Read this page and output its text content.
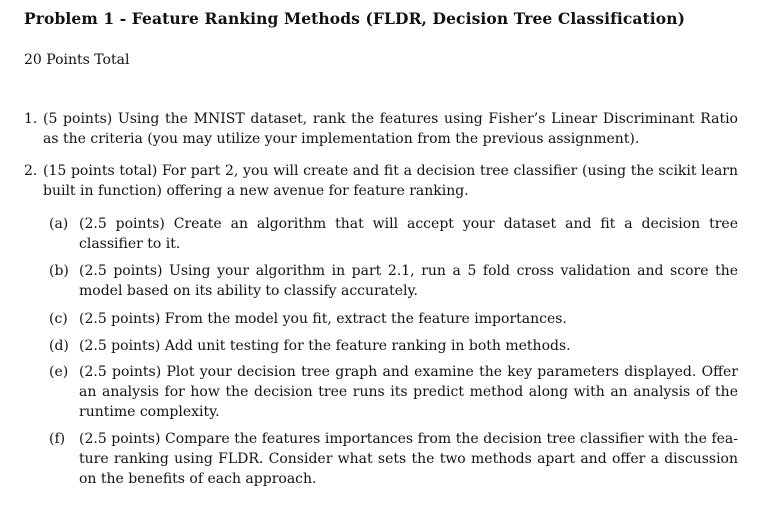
Problem 1 - Feature Ranking Methods (FLDR, Decision Tree Classification)
20 Points Total
1. (5 points) Using the MNIST dataset, rank the features using Fisher’s Linear Discriminant Ratio as the criteria (you may utilize your implementation from the previous assignment).
2. (15 points total) For part 2, you will create and fit a decision tree classifier (using the scikit learn built in function) offering a new avenue for feature ranking.
(a) (2.5 points) Create an algorithm that will accept your dataset and fit a decision tree classifier to it.
(b) (2.5 points) Using your algorithm in part 2.1, run a 5 fold cross validation and score the model based on its ability to classify accurately.
(c) (2.5 points) From the model you fit, extract the feature importances.
(d) (2.5 points) Add unit testing for the feature ranking in both methods.
(e) (2.5 points) Plot your decision tree graph and examine the key parameters displayed. Offer an analysis for how the decision tree runs its predict method along with an analysis of the runtime complexity.
(f) (2.5 points) Compare the features importances from the decision tree classifier with the fea- ture ranking using FLDR. Consider what sets the two methods apart and offer a discussion on the benefits of each approach.
